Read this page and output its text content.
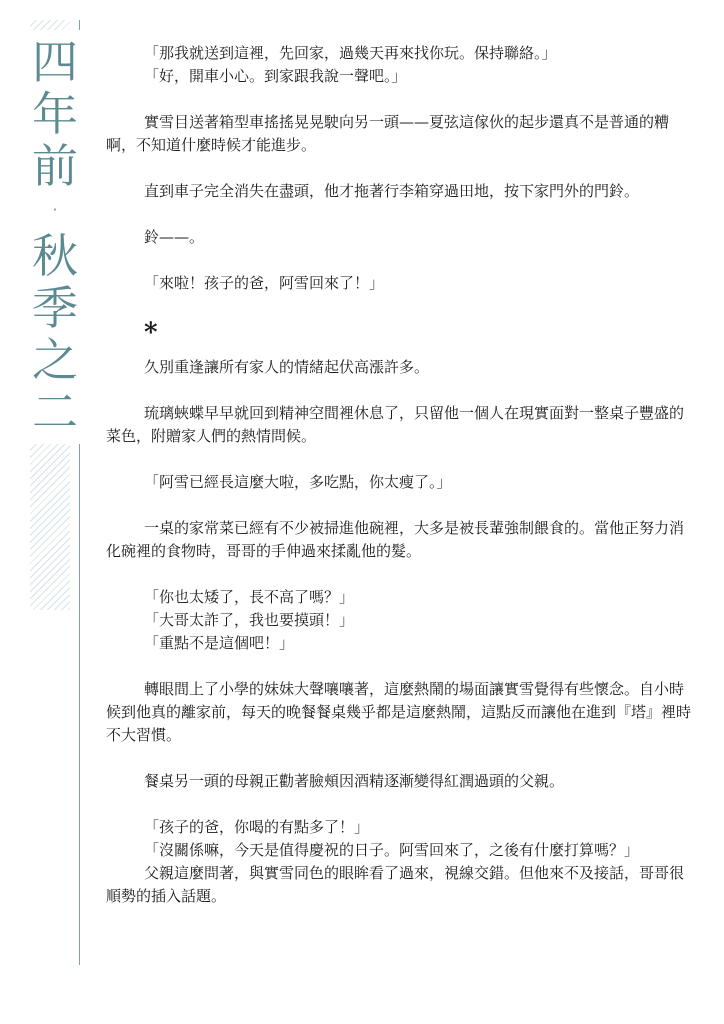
四
年
前
·
秋
季
之
二

「那我就送到這裡，先回家，過幾天再來找你玩。保持聯絡。」

「好，開車小心。到家跟我說一聲吧。」

實雪目送著箱型車搖搖晃晃駛向另一頭——夏弦這傢伙的起步還真不是普通的糟啊，不知道什麼時候才能進步。

直到車子完全消失在盡頭，他才拖著行李箱穿過田地，按下家門外的門鈴。

鈴——。

「來啦！孩子的爸，阿雪回來了！」

*

久別重逢讓所有家人的情緒起伏高漲許多。

琉璃蛺蝶早早就回到精神空間裡休息了，只留他一個人在現實面對一整桌子豐盛的菜色，附贈家人們的熱情問候。

「阿雪已經長這麼大啦，多吃點，你太瘦了。」

一桌的家常菜已經有不少被掃進他碗裡，大多是被長輩強制餵食的。當他正努力消化碗裡的食物時，哥哥的手伸過來揉亂他的髮。

「你也太矮了，長不高了嗎？」

「大哥太詐了，我也要摸頭！」

「重點不是這個吧！」

轉眼間上了小學的妹妹大聲嚷嚷著，這麼熱鬧的場面讓實雪覺得有些懷念。自小時候到他真的離家前，每天的晚餐餐桌幾乎都是這麼熱鬧，這點反而讓他在進到『塔』裡時不大習慣。

餐桌另一頭的母親正勸著臉頰因酒精逐漸變得紅潤過頭的父親。

「孩子的爸，你喝的有點多了！」

「沒關係嘛，今天是值得慶祝的日子。阿雪回來了，之後有什麼打算嗎？」

父親這麼問著，與實雪同色的眼眸看了過來，視線交錯。但他來不及接話，哥哥很順勢的插入話題。
